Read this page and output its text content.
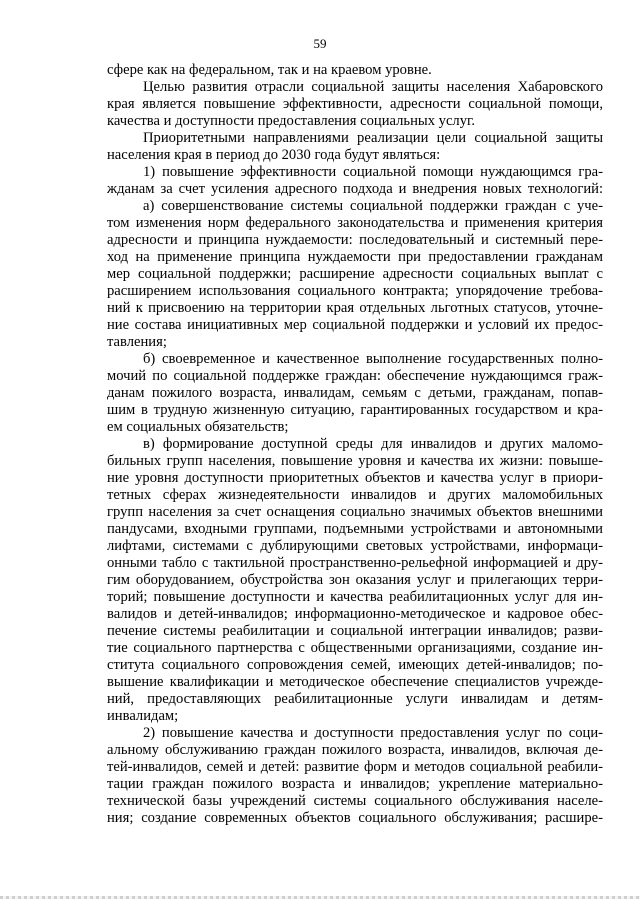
59
сфере как на федеральном, так и на краевом уровне.
Целью развития отрасли социальной защиты населения Хабаровского
края является повышение эффективности, адресности социальной помощи,
качества и доступности предоставления социальных услуг.
Приоритетными направлениями реализации цели социальной защиты
населения края в период до 2030 года будут являться:
1) повышение эффективности социальной помощи нуждающимся гра-
жданам за счет усиления адресного подхода и внедрения новых технологий:
а) совершенствование системы социальной поддержки граждан с уче-
том изменения норм федерального законодательства и применения критерия
адресности и принципа нуждаемости: последовательный и системный пере-
ход на применение принципа нуждаемости при предоставлении гражданам
мер социальной поддержки; расширение адресности социальных выплат с
расширением использования социального контракта; упорядочение требова-
ний к присвоению на территории края отдельных льготных статусов, уточне-
ние состава инициативных мер социальной поддержки и условий их предос-
тавления;
б) своевременное и качественное выполнение государственных полно-
мочий по социальной поддержке граждан: обеспечение нуждающимся граж-
данам пожилого возраста, инвалидам, семьям с детьми, гражданам, попав-
шим в трудную жизненную ситуацию, гарантированных государством и кра-
ем социальных обязательств;
в) формирование доступной среды для инвалидов и других маломо-
бильных групп населения, повышение уровня и качества их жизни: повыше-
ние уровня доступности приоритетных объектов и качества услуг в приори-
тетных сферах жизнедеятельности инвалидов и других маломобильных
групп населения за счет оснащения социально значимых объектов внешними
пандусами, входными группами, подъемными устройствами и автономными
лифтами, системами с дублирующими световых устройствами, информаци-
онными табло с тактильной пространственно-рельефной информацией и дру-
гим оборудованием, обустройства зон оказания услуг и прилегающих терри-
торий; повышение доступности и качества реабилитационных услуг для ин-
валидов и детей-инвалидов; информационно-методическое и кадровое обес-
печение системы реабилитации и социальной интеграции инвалидов; разви-
тие социального партнерства с общественными организациями, создание ин-
ститута социального сопровождения семей, имеющих детей-инвалидов; по-
вышение квалификации и методическое обеспечение специалистов учрежде-
ний, предоставляющих реабилитационные услуги инвалидам и детям-
инвалидам;
2) повышение качества и доступности предоставления услуг по соци-
альному обслуживанию граждан пожилого возраста, инвалидов, включая де-
тей-инвалидов, семей и детей: развитие форм и методов социальной реабили-
тации граждан пожилого возраста и инвалидов; укрепление материально-
технической базы учреждений системы социального обслуживания населе-
ния; создание современных объектов социального обслуживания; расшире-
